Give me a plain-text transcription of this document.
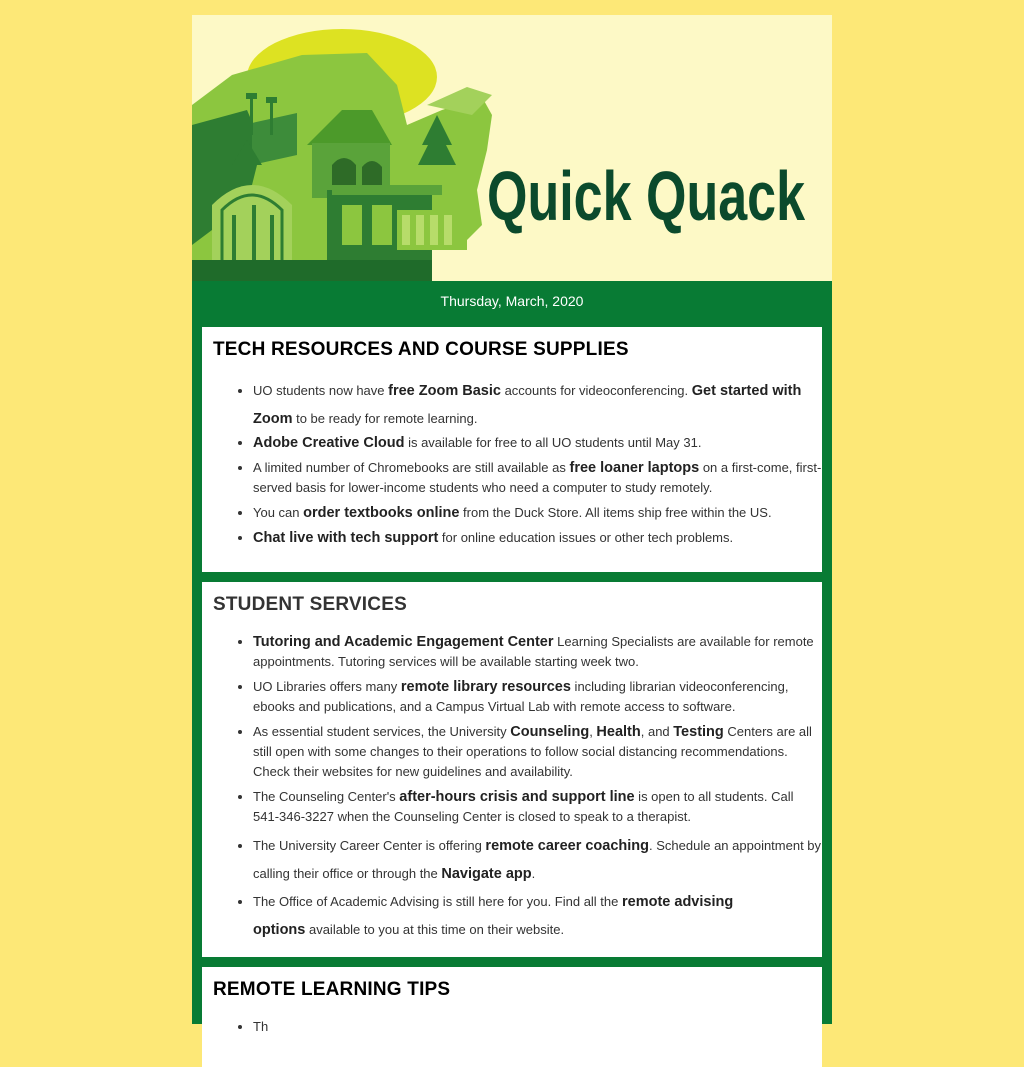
Quick Quack
Thursday, March, 2020
TECH RESOURCES AND COURSE SUPPLIES
• UO students now have free Zoom Basic accounts for videoconferencing. Get started with Zoom to be ready for remote learning.
• Adobe Creative Cloud is available for free to all UO students until May 31.
• A limited number of Chromebooks are still available as free loaner laptops on a first-come, first-served basis for lower-income students who need a computer to study remotely.
• You can order textbooks online from the Duck Store. All items ship free within the US.
• Chat live with tech support for online education issues or other tech problems.
STUDENT SERVICES
• Tutoring and Academic Engagement Center Learning Specialists are available for remote appointments. Tutoring services will be available starting week two.
• UO Libraries offers many remote library resources including librarian videoconferencing, ebooks and publications, and a Campus Virtual Lab with remote access to software.
• As essential student services, the University Counseling, Health, and Testing Centers are all still open with some changes to their operations to follow social distancing recommendations. Check their websites for new guidelines and availability.
• The Counseling Center's after-hours crisis and support line is open to all students. Call 541-346-3227 when the Counseling Center is closed to speak to a therapist.
• The University Career Center is offering remote career coaching. Schedule an appointment by calling their office or through the Navigate app.
• The Office of Academic Advising is still here for you. Find all the remote advising options available to you at this time on their website.
REMOTE LEARNING TIPS
• Th
